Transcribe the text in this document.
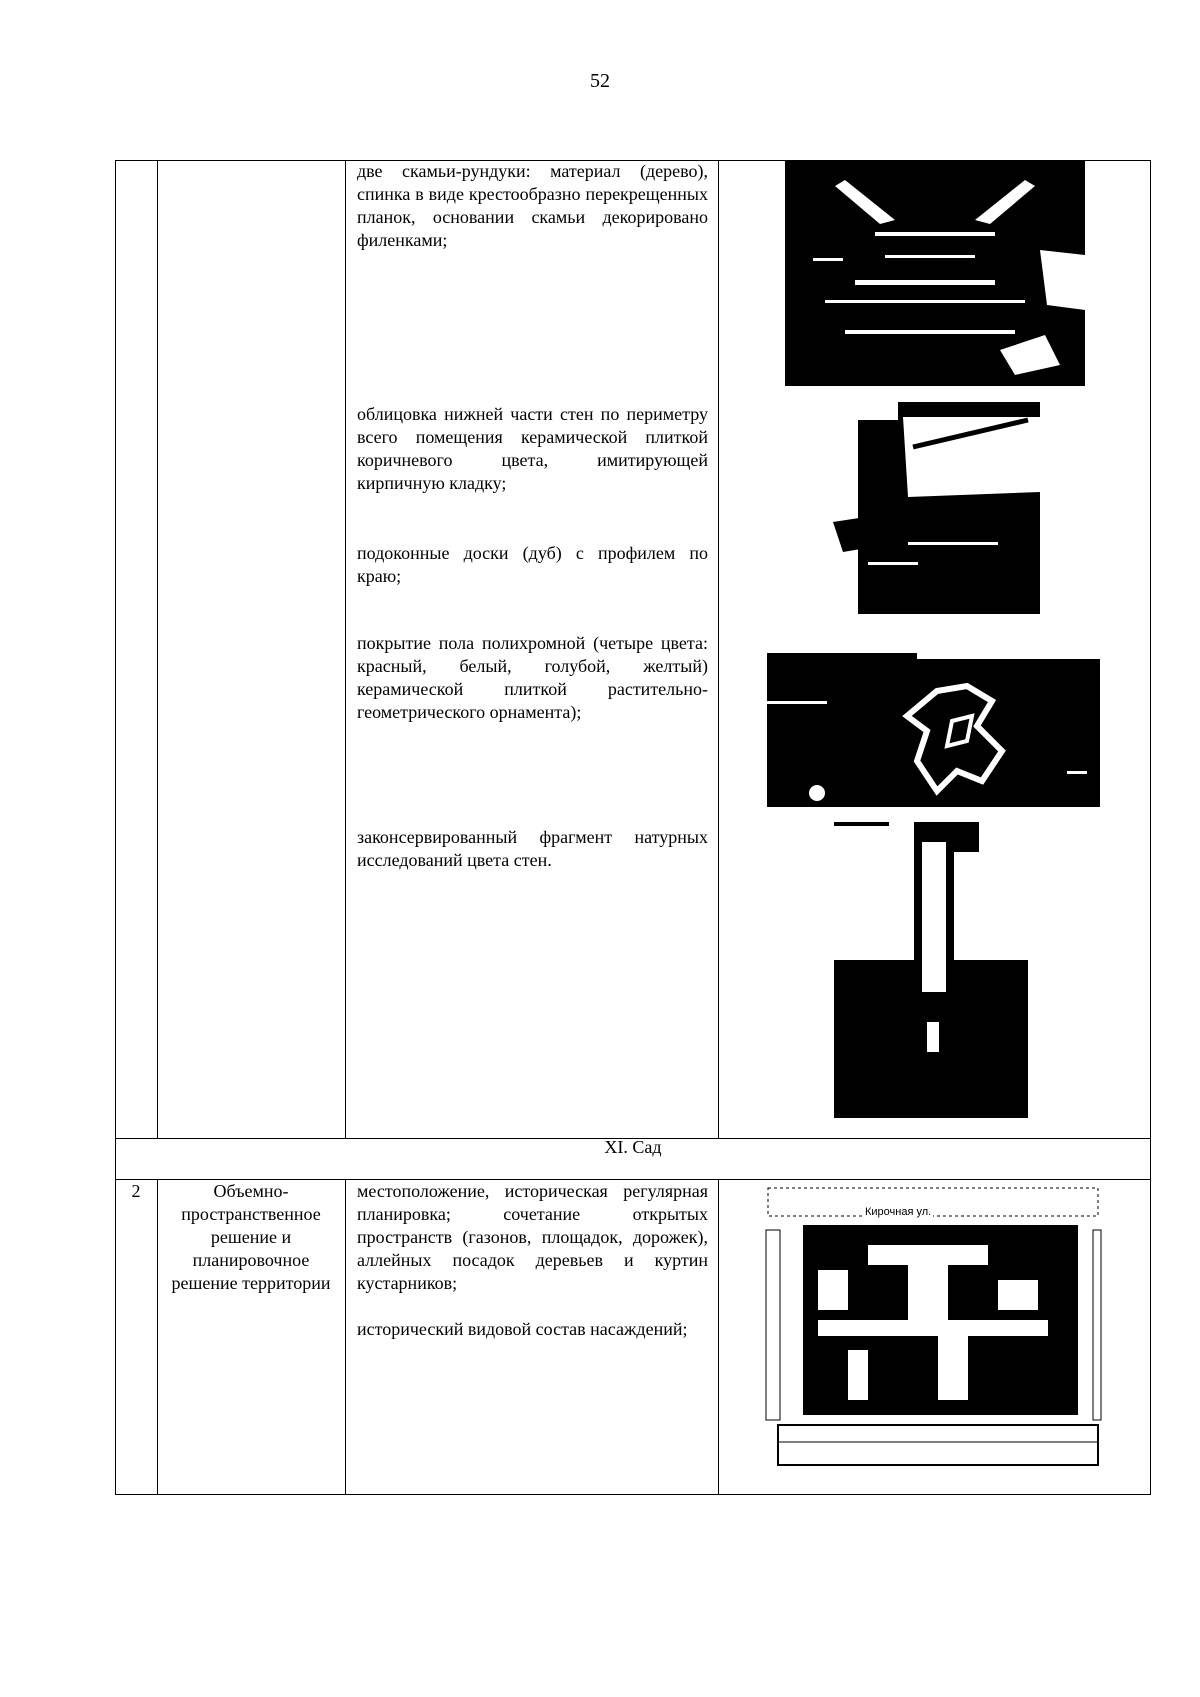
52
две скамьи-рундуки: материал (дерево), спинка в виде крестообразно перекрещенных планок, основании скамьи декорировано филенками;
облицовка нижней части стен по периметру всего помещения керамической плиткой коричневого цвета, имитирующей кирпичную кладку;
подоконные доски (дуб) с профилем по краю;
покрытие пола полихромной (четыре цвета: красный, белый, голубой, желтый) керамической плиткой растительно-геометрического орнамента);
законсервированный фрагмент натурных исследований цвета стен.
XI. Сад
2	Объемно-пространственное решение и планировочное решение территории
местоположение, историческая регулярная планировка; сочетание открытых пространств (газонов, площадок, дорожек), аллейных посадок деревьев и куртин кустарников;
исторический видовой состав насаждений;
Кирочная ул.
